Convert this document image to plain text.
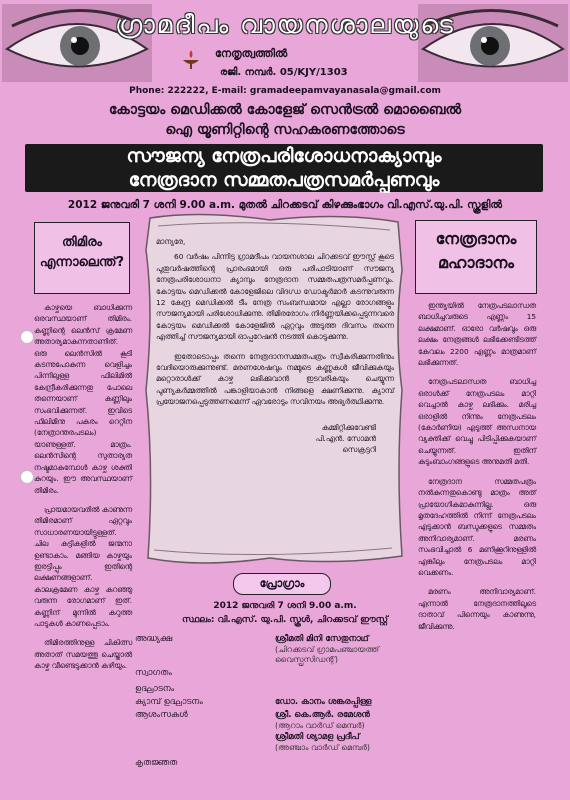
ഗ്രാമദീപം വായനശാലയുടെ
നേതൃത്വത്തിൽ
രജി. നമ്പർ. 05/KJY/1303
Phone: 222222, E-mail: gramadeepamvayanasala@gmail.com
കോട്ടയം മെഡിക്കൽ കോളേജ് സെൻട്രൽ മൊബൈൽ
ഐ യൂണിറ്റിന്റെ സഹകരണത്തോടെ
സൗജന്യ നേത്രപരിശോധനാക്യാമ്പും
നേത്രദാന സമ്മതപത്രസമർപ്പണവും
2012 ജനുവരി 7 ശനി 9.00 a.m. മുതൽ ചിറക്കടവ് കിഴക്കുംഭാഗം വി.എസ്.യു.പി. സ്കൂളിൽ
തിമിരം
എന്നാലെന്ത്?

കാഴ്ചയെ ബാധിക്കുന്ന ഒരവസ്ഥയാണ് തിമിരം. കണ്ണിന്റെ ലെൻസ് ക്രമേണ അതാര്യമാകുന്നതാണിത്. ഒരു ലെൻസിൽ കൂടി കടന്നുപോകുന്ന വെളിച്ചം പിന്നിലുള്ള ഫിലിമിൽ കേന്ദ്രീകരിക്കുന്നതു പോലെ തന്നെയാണ് കണ്ണിലും സംഭവിക്കുന്നത്. ഇവിടെ ഫിലിമിനു പകരം റെറ്റിന (നേത്രാന്തരപടലം) യാണുള്ളത്. മാത്രം. ലെൻസിന്റെ സുതാര്യത നഷ്ടമാകുമ്പോൾ കാഴ്ച ശക്തി കുറയും. ഈ അവസ്ഥയാണ് തിമിരം.

പ്രായമായവരിൽ കാണുന്ന തിമിരമാണ് ഏറ്റവും സാധാരണയായിട്ടുള്ളത്. ചില കുട്ടികളിൽ ജന്മനാ ഉണ്ടാകാം. മങ്ങിയ കാഴ്ചയും ഇരട്ടിപ്പും ഇതിന്റെ ലക്ഷണങ്ങളാണ്. കാലക്രമേണ കാഴ്ച കുറഞ്ഞു വരുന്ന രോഗമാണ് ഇത്. കണ്ണിന് മുന്നിൽ കറുത്ത പാടുകൾ കാണപ്പെടാം.

തിമിരത്തിനുള്ള ചികിത്സ അതാത് സമയത്തു ചെയ്താൽ കാഴ്ച വീണ്ടെടുക്കാൻ കഴിയും.

നേത്രദാനം
മഹാദാനം

ഇന്ത്യയിൽ നേത്രപടലാന്ധത ബാധിച്ചവരുടെ എണ്ണം 15 ലക്ഷമാണ്. ഓരോ വർഷവും ഒരു ലക്ഷം നേത്രങ്ങൾ ലഭിക്കേണ്ടിടത്ത് കേവലം 2200 എണ്ണം മാത്രമാണ് ലഭിക്കുന്നത്.

നേത്രപടലാന്ധത ബാധിച്ച ഒരാൾക്ക് നേത്രപടലം മാറ്റി വെച്ചാൽ കാഴ്ച ലഭിക്കും. മരിച്ച ഒരാളിൽ നിന്നും നേത്രപടലം (കോർണിയ) എടുത്ത് അന്ധനായ വ്യക്തിക്ക് വെച്ചു പിടിപ്പിക്കുകയാണ് ചെയ്യുന്നത്. ഇതിന് കുടുംബാംഗങ്ങളുടെ അനുമതി മതി.

നേത്രദാന സമ്മതപത്രം നൽകുന്നതുകൊണ്ടു മാത്രം അത് പ്രായോഗികമാകുന്നില്ല. ഒരു മൃതദേഹത്തിൽ നിന്ന് നേത്രപടലം എടുക്കാൻ ബന്ധുക്കളുടെ സമ്മതം അനിവാര്യമാണ്. മരണം സംഭവിച്ചാൽ 6 മണിക്കൂറിനുള്ളിൽ എങ്കിലും നേത്രപടലം മാറ്റി വെക്കണം.

മരണം അനിവാര്യമാണ്. എന്നാൽ നേത്രദാനത്തിലൂടെ ദാതാവ് പിന്നെയും കാണുന്നു, ജീവിക്കുന്നു.

മാന്യരേ,

60 വർഷം പിന്നിട്ട ഗ്രാമദീപം വായനശാല ചിറക്കടവ് ഈസ്റ്റ് കൂടെ പുതുവർഷത്തിന്റെ പ്രാരംഭമായി ഒരു പരിപാടിയാണ് സൗജന്യ നേത്രപരിശോധനാ ക്യാമ്പും നേത്രദാന സമ്മതപത്രസമർപ്പണവും. കോട്ടയം മെഡിക്കൽ കോളേജിലെ വിദഗ്ധ ഡോക്ടർമാർ കടന്നുവരുന്ന 12 കേന്ദ്ര മെഡിക്കൽ ടീം നേത്ര സംബന്ധമായ എല്ലാ രോഗങ്ങളും സൗജന്യമായി പരിശോധിക്കുന്നു. തിമിരരോഗം നിർണ്ണയിക്കപ്പെടുന്നവരെ കോട്ടയം മെഡിക്കൽ കോളേജിൽ ഏറ്റവും അടുത്ത ദിവസം തന്നെ എത്തിച്ച് സൗജന്യമായി ഓപ്പറേഷൻ നടത്തി കൊടുക്കുന്നു.

ഇതോടൊപ്പം തന്നെ നേത്രദാനസമ്മതപത്രം സ്വീകരിക്കുന്നതിനും വേദിയൊരുക്കുന്നുണ്ട്. മരണശേഷവും നമ്മുടെ കണ്ണുകൾ ജീവിക്കുകയും മറ്റൊരാൾക്ക് കാഴ്ച ലഭിക്കുവാൻ ഇടവരികയും ചെയ്യുന്ന പുണ്യകർമ്മത്തിൽ പങ്കാളിയാകാൻ നിങ്ങളെ ക്ഷണിക്കുന്നു. ക്യാമ്പ് പ്രയോജനപ്പെടുത്തണമെന്ന് ഏവരോടും സവിനയം അഭ്യർത്ഥിക്കുന്നു.

കമ്മിറ്റിക്കുവേണ്ടി
പി.എൻ. സോമൻ
സെക്രട്ടറി
പ്രോഗ്രാം
2012 ജനുവരി 7 ശനി 9.00 a.m.
സ്ഥലം: വി.എസ്. യു.പി. സ്കൂൾ, ചിറക്കടവ് ഈസ്റ്റ്
അദ്ധ്യക്ഷ	ശ്രീമതി മിനി സേതുനാഥ്
(ചിറക്കടവ് ഗ്രാമപഞ്ചായത്ത് വൈസ്പ്രസിഡന്റ്)
സ്വാഗതം
ഉദ്ഘാടനം
ക്യാമ്പ് ഉദ്ഘാടനം	ഡോ. കാനം ശങ്കരപ്പിള്ള
ആശംസകൾ	ശ്രീ. കെ.ആർ. രമേശൻ
(ആറാം വാർഡ് മെമ്പർ)
ശ്രീമതി ശ്യാമള പ്രദീപ്
(അഞ്ചാം വാർഡ് മെമ്പർ)
കൃതജ്ഞത
